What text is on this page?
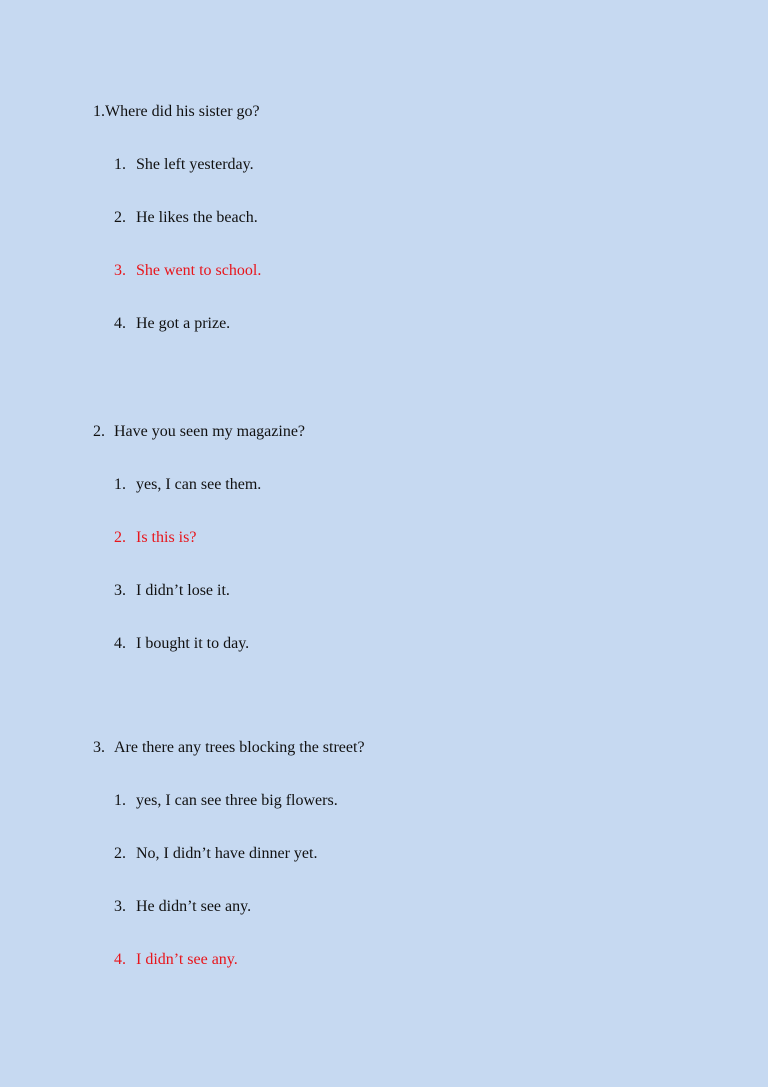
1.Where did his sister go?
1. She left yesterday.
2. He likes the beach.
3. She went to school.
4. He got a prize.
2. Have you seen my magazine?
1. yes, I can see them.
2. Is this is?
3. I didn’t lose it.
4. I bought it to day.
3. Are there any trees blocking the street?
1. yes, I can see three big flowers.
2. No, I didn’t have dinner yet.
3. He didn’t see any.
4. I didn’t see any.
